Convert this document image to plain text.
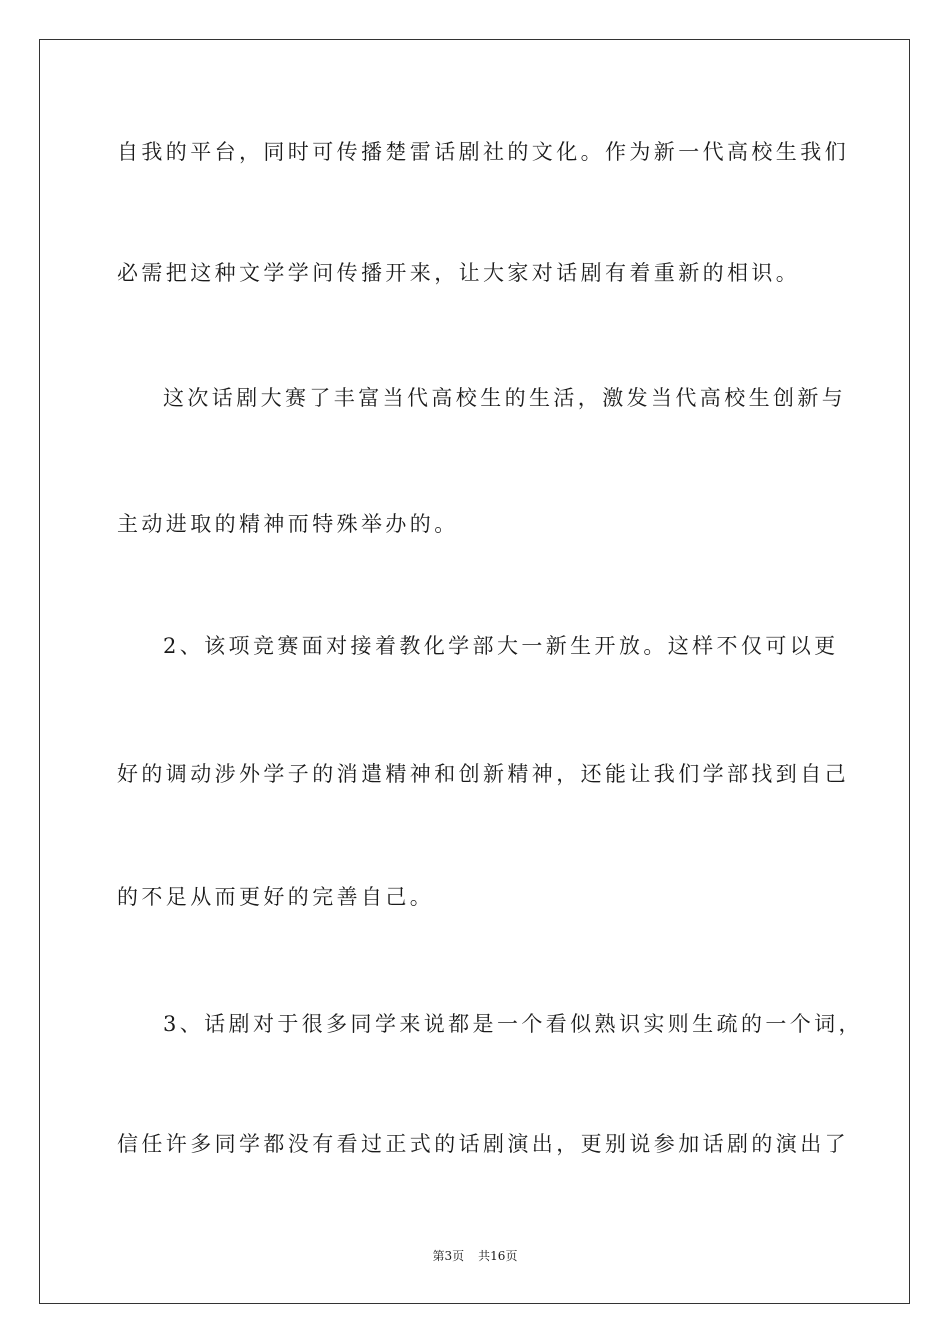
自我的平台，同时可传播楚雷话剧社的文化。作为新一代高校生我们
必需把这种文学学问传播开来，让大家对话剧有着重新的相识。
这次话剧大赛了丰富当代高校生的生活，激发当代高校生创新与
主动进取的精神而特殊举办的。
2、该项竞赛面对接着教化学部大一新生开放。这样不仅可以更
好的调动涉外学子的消遣精神和创新精神，还能让我们学部找到自己
的不足从而更好的完善自己。
3、话剧对于很多同学来说都是一个看似熟识实则生疏的一个词，
信任许多同学都没有看过正式的话剧演出，更别说参加话剧的演出了
第3页 共16页
